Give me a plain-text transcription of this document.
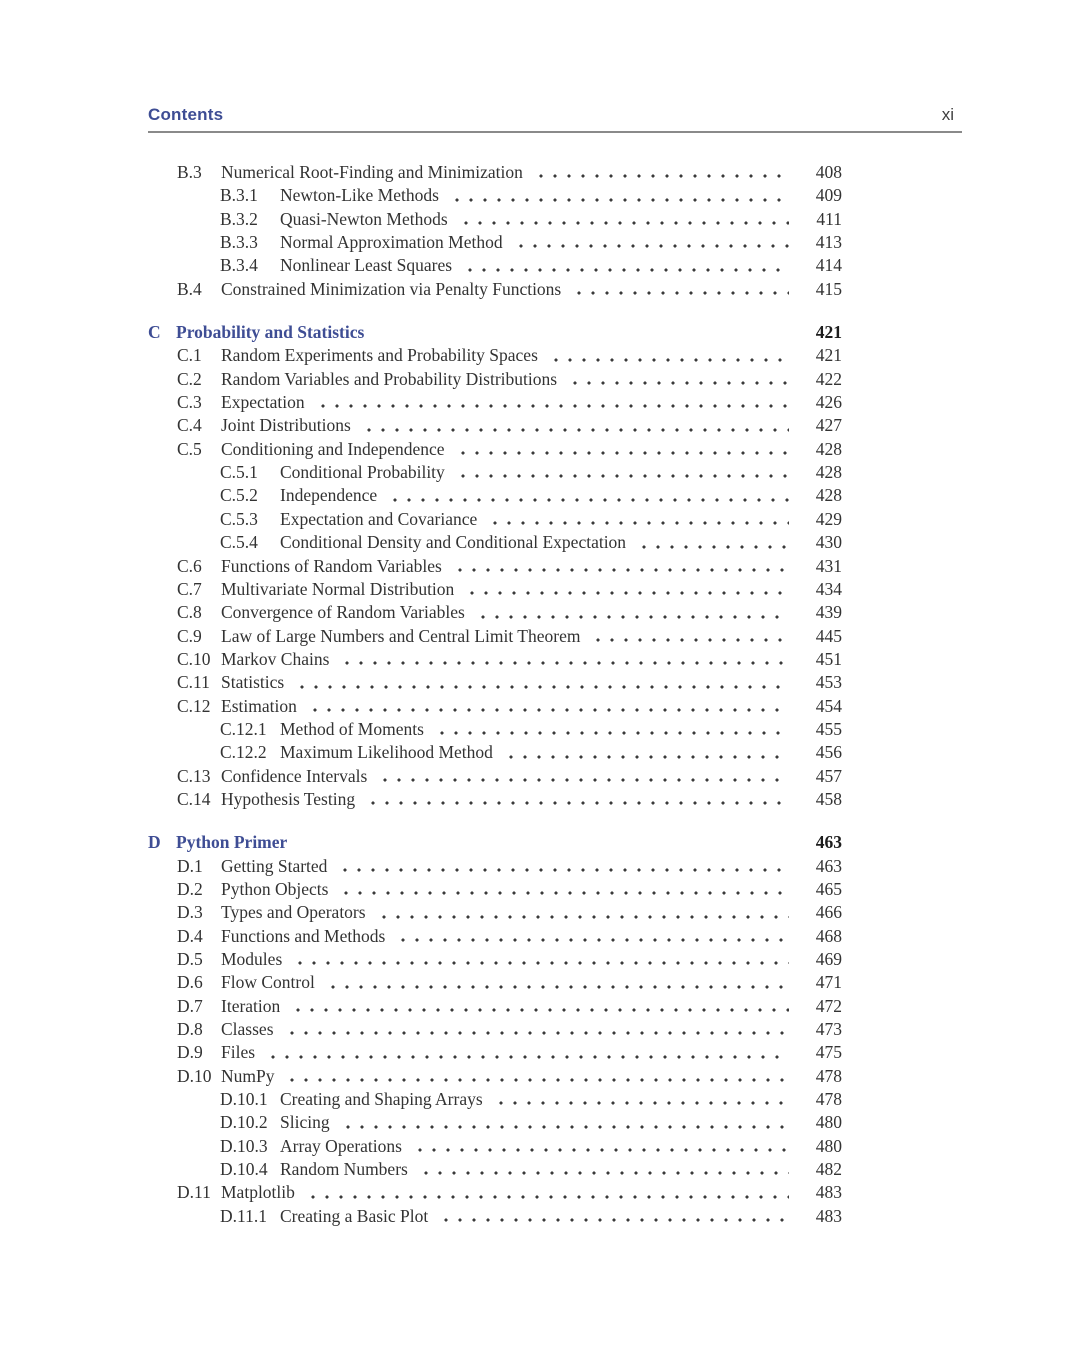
Contents	xi
B.3	Numerical Root-Finding and Minimization	408
B.3.1	Newton-Like Methods	409
B.3.2	Quasi-Newton Methods	411
B.3.3	Normal Approximation Method	413
B.3.4	Nonlinear Least Squares	414
B.4	Constrained Minimization via Penalty Functions	415
C Probability and Statistics	421
C.1	Random Experiments and Probability Spaces	421
C.2	Random Variables and Probability Distributions	422
C.3	Expectation	426
C.4	Joint Distributions	427
C.5	Conditioning and Independence	428
C.5.1	Conditional Probability	428
C.5.2	Independence	428
C.5.3	Expectation and Covariance	429
C.5.4	Conditional Density and Conditional Expectation	430
C.6	Functions of Random Variables	431
C.7	Multivariate Normal Distribution	434
C.8	Convergence of Random Variables	439
C.9	Law of Large Numbers and Central Limit Theorem	445
C.10 Markov Chains	451
C.11 Statistics	453
C.12 Estimation	454
C.12.1 Method of Moments	455
C.12.2 Maximum Likelihood Method	456
C.13 Confidence Intervals	457
C.14 Hypothesis Testing	458
D Python Primer	463
D.1	Getting Started	463
D.2	Python Objects	465
D.3	Types and Operators	466
D.4	Functions and Methods	468
D.5	Modules	469
D.6	Flow Control	471
D.7	Iteration	472
D.8	Classes	473
D.9	Files	475
D.10 NumPy	478
D.10.1 Creating and Shaping Arrays	478
D.10.2 Slicing	480
D.10.3 Array Operations	480
D.10.4 Random Numbers	482
D.11 Matplotlib	483
D.11.1 Creating a Basic Plot	483
